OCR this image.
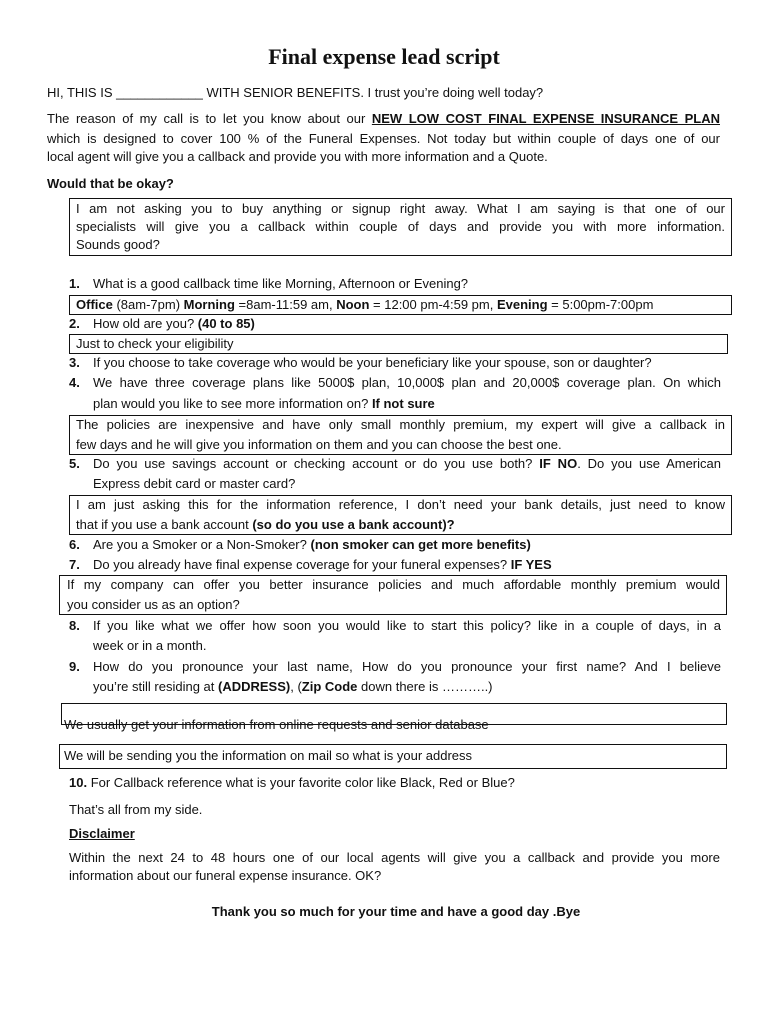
Final expense lead script
HI, THIS IS ____________ WITH SENIOR BENEFITS. I trust you’re doing well today?
The reason of my call is to let you know about our NEW LOW COST FINAL EXPENSE INSURANCE PLAN
which is designed to cover 100 % of the Funeral Expenses. Not today but within couple of days one of our
local agent will give you a callback and provide you with more information and a Quote.
Would that be okay?
I am not asking you to buy anything or signup right away. What I am saying is that one of our
specialists will give you a callback within couple of days and provide you with more information.
Sounds good?
1.	What is a good callback time like Morning, Afternoon or Evening?
Office (8am-7pm) Morning =8am-11:59 am, Noon = 12:00 pm-4:59 pm, Evening = 5:00pm-7:00pm
2.	How old are you? (40 to 85)
Just to check your eligibility
3.	If you choose to take coverage who would be your beneficiary like your spouse, son or daughter?
4.	We have three coverage plans like 5000$ plan, 10,000$ plan and 20,000$ coverage plan. On which
plan would you like to see more information on? If not sure
The policies are inexpensive and have only small monthly premium, my expert will give a callback in
few days and he will give you information on them and you can choose the best one.
5.	Do you use savings account or checking account or do you use both? IF NO. Do you use American
Express debit card or master card?
I am just asking this for the information reference, I don’t need your bank details, just need to know
that if you use a bank account (so do you use a bank account)?
6.	Are you a Smoker or a Non-Smoker? (non smoker can get more benefits)
7.	Do you already have final expense coverage for your funeral expenses? IF YES
If my company can offer you better insurance policies and much affordable monthly premium would
you consider us as an option?
8.	If you like what we offer how soon you would like to start this policy? like in a couple of days, in a
week or in a month.
9.	How do you pronounce your last name, How do you pronounce your first name? And I believe
you’re still residing at (ADDRESS), (Zip Code down there is ………..)
We usually get your information from online requests and senior database
We will be sending you the information on mail so what is your address
10. For Callback reference what is your favorite color like Black, Red or Blue?
That’s all from my side.
Disclaimer
Within the next 24 to 48 hours one of our local agents will give you a callback and provide you more
information about our funeral expense insurance. OK?
Thank you so much for your time and have a good day .Bye
